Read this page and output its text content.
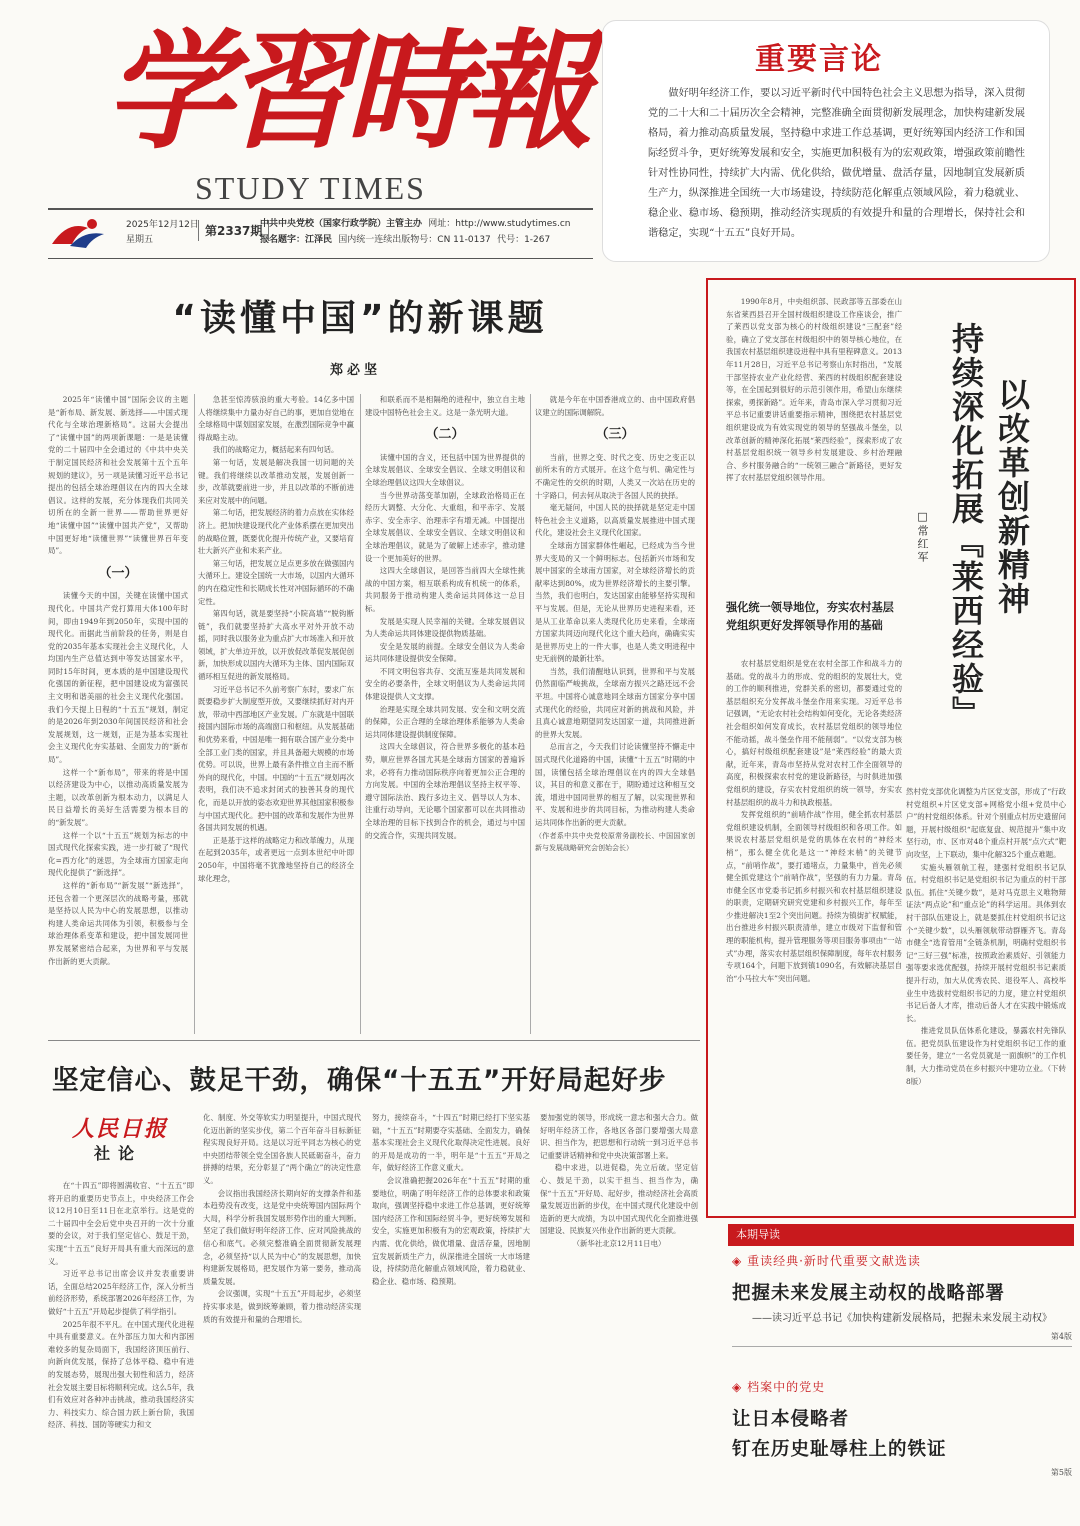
学習時報
STUDY TIMES
2025年12月12日
星期五
第2337期
中共中央党校（国家行政学院）主管主办 网址：http://www.studytimes.cn
报名题字：江泽民 国内统一连续出版物号：CN 11-0137 代号：1-267
重要言论
做好明年经济工作，要以习近平新时代中国特色社会主义思想为指导，深入贯彻党的二十大和二十届历次全会精神，完整准确全面贯彻新发展理念，加快构建新发展格局，着力推动高质量发展，坚持稳中求进工作总基调，更好统筹国内经济工作和国际经贸斗争，更好统筹发展和安全，实施更加积极有为的宏观政策，增强政策前瞻性针对性协同性，持续扩大内需、优化供给，做优增量、盘活存量，因地制宜发展新质生产力，纵深推进全国统一大市场建设，持续防范化解重点领域风险，着力稳就业、稳企业、稳市场、稳预期，推动经济实现质的有效提升和量的合理增长，保持社会和谐稳定，实现“十五五”良好开局。
“读懂中国”的新课题
郑必坚

2025年“读懂中国”国际会议的主题是“新布局、新发展、新选择——中国式现代化与全球治理新格局”。这届大会提出了“读懂中国”的两项新课题：一是是读懂党的二十届四中全会通过的《中共中央关于制定国民经济和社会发展第十五个五年规划的建议》，另一项是读懂习近平总书记提出的包括全球治理倡议在内的四大全球倡议。这样的发展，充分体现我们共同关切所在的全新一世界——帮助世界更好地“读懂中国”“读懂中国共产党”，又帮助中国更好地“读懂世界”“读懂世界百年变局”。

（一）

读懂今天的中国，关键在读懂中国式现代化。中国共产党打算用大体100年时间，即由1949年到2050年，实现中国的现代化。而据此当前阶段的任务，则是自党的2035年基本实现社会主义现代化，人均国内生产总值达到中等发达国家水平，同时15年时间，更本质的是中国建设现代化强国的新征程，把中国建设成为富强民主文明和谐美丽的社会主义现代化强国。我们今天提上日程的“十五五”规划，制定的是2026年到2030年间国民经济和社会发展规划，这一规划，正是为基本实现社会主义现代化夯实基础、全面发力的“新布局”。

这样一个“新布局”，带来的将是中国以经济建设为中心，以推动高质量发展为主题，以改革创新为根本动力，以满足人民日益增长的美好生活需要为根本目的的“新发展”。

这样一个以“十五五”规划为标志的中国式现代化探索实践，进一步打破了“现代化=西方化”的迷思，为全球南方国家走向现代化提供了“新选择”。

这样的“新布局”“新发展”“新选择”，还包含着一个更深层次的战略考量，那就是坚持以人民为中心的发展思想，以推动构建人类命运共同体为引领，积极参与全球治理体系变革和建设，把中国发展同世界发展紧密结合起来，为世界和平与发展作出新的更大贡献。

急甚至惊涛骇浪的重大考验。14亿多中国人将继续集中力量办好自己的事，更加自觉地在全球格局中谋划国家发展，在激烈国际竞争中赢得战略主动。

我们的战略定力，概括起来有四句话。

第一句话，发展是解决我国一切问题的关键。我们将继续以改革推动发展，发展创新一步，改革就要前进一步，并且以改革的不断前进来应对发展中的问题。

第二句话，把发展经济的着力点放在实体经济上。把加快建设现代化产业体系摆在更加突出的战略位置，既要优化提升传统产业，又要培育壮大新兴产业和未来产业。

第三句话，把发展立足点更多放在做强国内大循环上。建设全国统一大市场，以国内大循环的内在稳定性和长期成长性对冲国际循环的不确定性。

第四句话，就是要坚持“小院高墙”“脱钩断链”，我们就要坚持扩大高水平对外开放不动摇，同时我以服务业为重点扩大市场准入和开放领域，扩大单边开放，以开放促改革促发展促创新，加快形成以国内大循环为主体、国内国际双循环相互促进的新发展格局。

习近平总书记不久前考察广东时，要求广东既要稳步扩大制度型开放，又要继续抓好对内开放，带动中西部地区产业发展。广东就是中国联接国内国际市场的高端窗口和枢纽。从发展基础和优势来看，中国是唯一拥有联合国产业分类中全部工业门类的国家，并且具备超大规模的市场优势。可以说，世界上最有条件推立自主而不断外向的现代化，中国。中国的“十五五”规划再次表明，我们决不追求封闭式的独善其身的现代化，而是以开放的姿态欢迎世界其他国家积极参与中国式现代化。把中国的改革和发展作为世界各国共同发展的机遇。

正是基于这样的战略定力和改革魄力，从现在起到2035年，或者更远一点到本世纪中叶即2050年，中国将毫不犹豫地坚持自己的经济全球化理念，

和联系而不是相隔绝的进程中，独立自主地建设中国特色社会主义。这是一条光明大道。

（二）

读懂中国的含义，还包括中国为世界提供的全球发展倡议、全球安全倡议、全球文明倡议和全球治理倡议这四大全球倡议。

当今世界动荡变革加剧，全球政治格局正在经历大调整、大分化、大重组，和平赤字、发展赤字、安全赤字、治理赤字有增无减。中国提出全球发展倡议、全球安全倡议、全球文明倡议和全球治理倡议，就是为了破解上述赤字，推动建设一个更加美好的世界。

这四大全球倡议，是回答当前四大全球性挑战的中国方案，相互联系构成有机统一的体系，共同服务于推动构建人类命运共同体这一总目标。

发展是实现人民幸福的关键。全球发展倡议为人类命运共同体建设提供物质基础。

安全是发展的前提。全球安全倡议为人类命运共同体建设提供安全保障。

不同文明包容共存、交流互鉴是共同发展和安全的必要条件，全球文明倡议为人类命运共同体建设提供人文支撑。

治理是实现全球共同发展、安全和文明交流的保障，公正合理的全球治理体系能够为人类命运共同体建设提供制度保障。

这四大全球倡议，符合世界多极化的基本趋势，顺应世界各国尤其是全球南方国家的普遍诉求，必将有力推动国际秩序向着更加公正合理的方向发展。中国的全球治理倡议坚持主权平等、遵守国际法治、践行多边主义、倡导以人为本、注重行动导向，无论哪个国家都可以在共同推动全球治理的目标下找到合作的机会，通过与中国的交流合作，实现共同发展。

就是今年在中国香港成立的、由中国政府倡议建立的国际调解院。

（三）

当前，世界之变、时代之变、历史之变正以前所未有的方式展开。在这个危与机、确定性与不确定性的交织的时期，人类又一次站在历史的十字路口，何去何从取决于各国人民的抉择。

毫无疑问，中国人民的抉择就是坚定走中国特色社会主义道路，以高质量发展推进中国式现代化，建设社会主义现代化国家。

全球南方国家群体性崛起，已经成为当今世界大变局的又一个鲜明标志。包括新兴市场和发展中国家的全球南方国家，对全球经济增长的贡献率达到80%，成为世界经济增长的主要引擎。当然，我们也明白，发达国家由能够坚持实现和平与发展。但是，无论从世界历史进程来看，还是从工业革命以来人类现代化历史来看，全球南方国家共同迈向现代化这个重大趋向，确确实实是世界历史上的一件大事，也是人类文明进程中史无前例的最新壮举。

当然，我们清醒地认识到，世界和平与发展仍然面临严峻挑战，全球南方振兴之路还远不会平坦。中国将心诚意地同全球南方国家分享中国式现代化的经验，共同应对新的挑战和风险，并且真心诚意地期望同发达国家一道，共同推进新的世界大发展。

总而言之，今天我们讨论读懂坚持不懈走中国式现代化道路的中国，读懂“十五五”时期的中国，读懂包括全球治理倡议在内的四大全球倡议，其目的和意义都在于，期盼通过这种相互交流，增进中国同世界的相互了解，以实现世界和平、发展和进步的共同目标，为推动构建人类命运共同体作出新的更大贡献。

（作者系中共中央党校原常务副校长、中国国家创新与发展战略研究会创始会长）

持续深化拓展『莱西经验』 以改革创新精神
□常红军

1990年8月，中央组织部、民政部等五部委在山东省莱西县召开全国村级组织建设工作座谈会，推广了莱西以党支部为核心的村级组织建设“三配套”经验，确立了党支部在村级组织中的领导核心地位，在我国农村基层组织建设进程中具有里程碑意义。2013年11月28日，习近平总书记考察山东时指出，“发展干部坚持农业产业化经营、莱西的村级组织配套建设等，在全国起到很好的示范引领作用，希望山东继续探索，勇探新路”。近年来，青岛市深入学习贯彻习近平总书记重要讲话重要指示精神，围绕把农村基层党组织建设成为有效实现党的领导的坚强战斗堡垒，以改革创新的精神深化拓展“莱西经验”，探索形成了农村基层党组织统一领导乡村发展建设、乡村治理融合、乡村服务融合的“一统领三融合”新路径，更好发挥了农村基层党组织领导作用。

强化统一领导地位，夯实农村基层党组织更好发挥领导作用的基础

农村基层党组织是党在农村全部工作和战斗力的基础。党的战斗力的形成、党的组织的发展壮大，党的工作的顺利推进，党群关系的密切，都要通过党的基层组织充分发挥战斗堡垒作用来实现。习近平总书记强调，“无论农村社会结构如何变化，无论各类经济社会组织如何发育成长，农村基层党组织的领导地位不能动摇，战斗堡垒作用不能削弱”。“以党支部为核心，搞好村级组织配套建设”是“莱西经验”的最大贡献，近年来，青岛市坚持从党对农村工作全面领导的高度，积极探索农村党的建设新路径，与时俱进加强党组织的建设，存实农村党组织的统一领导，夯实农村基层组织的战斗力和执政根基。

发挥党组织的“前哨作战”作用，健全抓农村基层党组织建设机制，全面领导村级组织和各项工作。如果说农村基层党组织是党的肌体在农村的“神经末梢”，那么健全优化是这一“神经末梢”的关键节点，“前哨作战”，要打通堵点，力量集中，首先必须健全抓党建这个“前哨作战”，坚强的有力力量。青岛市健全区市党委书记抓乡村振兴和农村基层组织建设的职责，定期研究研究党建和乡村振兴工作，每年至少推进解决1至2个突出问题。持续为镇街扩权赋能，出台推进乡村振兴职责清单，建立市级对下监督和管理的职能机构，提升管理服务等项目服务事项由“一站式”办理，落实农村基层组织保障制度，每年农村服务专项164个，问题下放到镇1090名，有效解决基层自治“小马拉大车”突出问题。

然村党支部优化调整为片区党支部，形成了“行政村党组织+片区党支部+网格党小组+党员中心户”的村党组织体系。针对个别重点村历史遗留问题，开展村级组织“起底复盘、规范提升”集中攻坚行动，市、区市对48个重点村开展“点穴式”靶向攻坚，上下联动，集中化解325个重点难题。

实施头雁领航工程，建强村党组织书记队伍。村党组织书记是党组织书记为重点的村干部队伍。抓住“关键少数”，是对马克思主义唯物辩证法“两点论”和“重点论”的科学运用。具体到农村干部队伍建设上，就是要抓住村党组织书记这个“关键少数”，以头雁领航带动群雁齐飞。青岛市健全“选育管用”全链条机制，明确村党组织书记“三好三强”标准，按照政治素质好、引领能力强等要求选优配强，持续开展村党组织书记素质提升行动，加大从优秀农民、退役军人、高校毕业生中选拔村党组织书记的力度，建立村党组织书记后备人才库，推动后备人才在实践中锻炼成长。

推进党员队伍体系化建设，暴露农村先锋队伍。把党员队伍建设作为村党组织书记工作的重要任务，建立“一名党员就是一面旗帜”的工作机制，大力推动党员在乡村振兴中建功立业。（下转8版）

坚定信心、鼓足干劲，确保“十五五”开好局起好步
人民日报
社论

在“十四五”即将圆满收官、“十五五”即将开启的重要历史节点上，中央经济工作会议12月10日至11日在北京举行。这是党的二十届四中全会后党中央召开的一次十分重要的会议，对于我们坚定信心、鼓足干劲，实现“十五五”良好开局具有重大而深远的意义。

习近平总书记出席会议并发表重要讲话，全面总结2025年经济工作，深入分析当前经济形势，系统部署2026年经济工作，为做好“十五五”开局起步提供了科学指引。

2025年很不平凡。在中国式现代化进程中具有重要意义。在外部压力加大和内部困难较多的复杂局面下，我国经济顶压前行、向新向优发展，保持了总体平稳、稳中有进的发展态势，展现出强大韧性和活力，经济社会发展主要目标将顺利完成。这么5年，我们有效应对各种冲击挑战，推动我国经济实力、科技实力、综合国力跃上新台阶，我国经济、科技、国防等硬实力和文

化、制度、外交等软实力明显提升，中国式现代化迈出新的坚实步伐，第二个百年奋斗目标新征程实现良好开局。这是以习近平同志为核心的党中央团结带领全党全国各族人民砥砺奋斗，奋力拼搏的结果，充分彰显了“两个确立”的决定性意义。

会议指出我国经济长期向好的支撑条件和基本趋势没有改变，这是党中央统筹国内国际两个大局，科学分析我国发展形势作出的重大判断。坚定了我们做好明年经济工作、应对风险挑战的信心和底气。必须完整准确全面贯彻新发展理念，必须坚持“以人民为中心”的发展思想，加快构建新发展格局，把发展作为第一要务，推动高质量发展。

会议强调，实现“十五五”开局起步，必须坚持实事求是，做到统筹兼顾，着力推动经济实现质的有效提升和量的合理增长。

努力，接续奋斗，“十四五”时期已经打下坚实基础，“十五五”时期要夺实基础、全面发力，确保基本实现社会主义现代化取得决定性进展。良好的开局是成功的一半，明年是“十五五”开局之年，做好经济工作意义重大。

会议准确把握2026年在“十五五”时期的重要地位，明确了明年经济工作的总体要求和政策取向，强调坚持稳中求进工作总基调，更好统筹国内经济工作和国际经贸斗争，更好统筹发展和安全，实施更加积极有为的宏观政策，持续扩大内需、优化供给，做优增量、盘活存量，因地制宜发展新质生产力，纵深推进全国统一大市场建设，持续防范化解重点领域风险，着力稳就业、稳企业、稳市场、稳预期。

要加强党的领导，形成统一意志和强大合力。做好明年经济工作，各地区各部门要增强大局意识、担当作为，把思想和行动统一到习近平总书记重要讲话精神和党中央决策部署上来。

稳中求进，以进促稳，先立后破。坚定信心、鼓足干劲，以实干担当、担当作为，确保“十五五”开好局、起好步，推动经济社会高质量发展迈出新的步伐，在中国式现代化建设中创造新的更大成绩，为以中国式现代化全面推进强国建设、民族复兴伟业作出新的更大贡献。

（新华社北京12月11日电）

本期导读
◈ 重读经典·新时代重要文献选读
把握未来发展主动权的战略部署
——读习近平总书记《加快构建新发展格局，把握未来发展主动权》
第4版
◈ 档案中的党史
让日本侵略者
钉在历史耻辱柱上的铁证
第5版
